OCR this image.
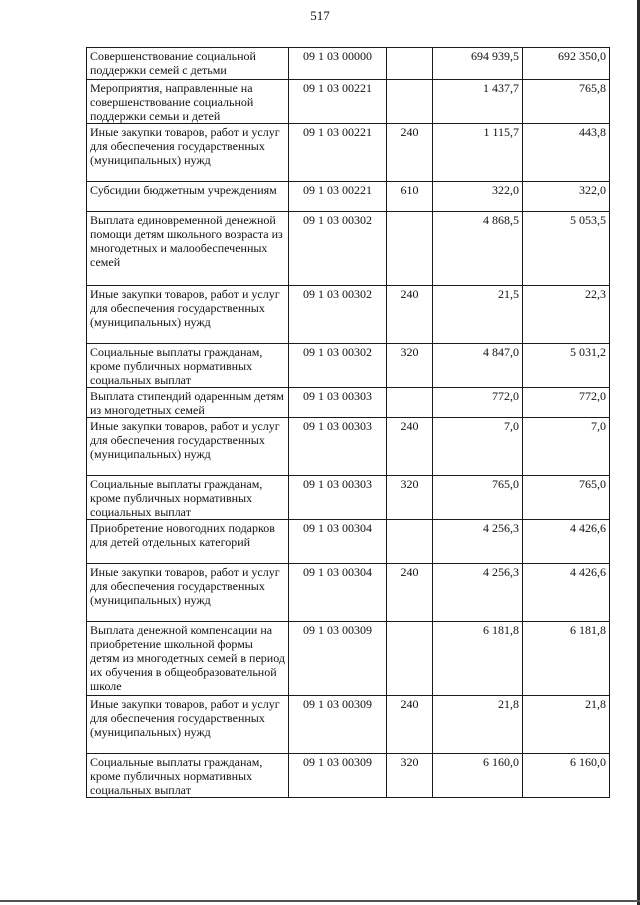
517
Совершенствование социальной поддержки семей с детьми	09 1 03 00000		694 939,5	692 350,0
Мероприятия, направленные на совершенствование социальной поддержки семьи и детей	09 1 03 00221		1 437,7	765,8
Иные закупки товаров, работ и услуг для обеспечения государственных (муниципальных) нужд	09 1 03 00221	240	1 115,7	443,8
Субсидии бюджетным учреждениям	09 1 03 00221	610	322,0	322,0
Выплата единовременной денежной помощи детям школьного возраста из многодетных и малообеспеченных семей	09 1 03 00302		4 868,5	5 053,5
Иные закупки товаров, работ и услуг для обеспечения государственных (муниципальных) нужд	09 1 03 00302	240	21,5	22,3
Социальные выплаты гражданам, кроме публичных нормативных социальных выплат	09 1 03 00302	320	4 847,0	5 031,2
Выплата стипендий одаренным детям из многодетных семей	09 1 03 00303		772,0	772,0
Иные закупки товаров, работ и услуг для обеспечения государственных (муниципальных) нужд	09 1 03 00303	240	7,0	7,0
Социальные выплаты гражданам, кроме публичных нормативных социальных выплат	09 1 03 00303	320	765,0	765,0
Приобретение новогодних подарков для детей отдельных категорий	09 1 03 00304		4 256,3	4 426,6
Иные закупки товаров, работ и услуг для обеспечения государственных (муниципальных) нужд	09 1 03 00304	240	4 256,3	4 426,6
Выплата денежной компенсации на приобретение школьной формы детям из многодетных семей в период их обучения в общеобразовательной школе	09 1 03 00309		6 181,8	6 181,8
Иные закупки товаров, работ и услуг для обеспечения государственных (муниципальных) нужд	09 1 03 00309	240	21,8	21,8
Социальные выплаты гражданам, кроме публичных нормативных социальных выплат	09 1 03 00309	320	6 160,0	6 160,0
